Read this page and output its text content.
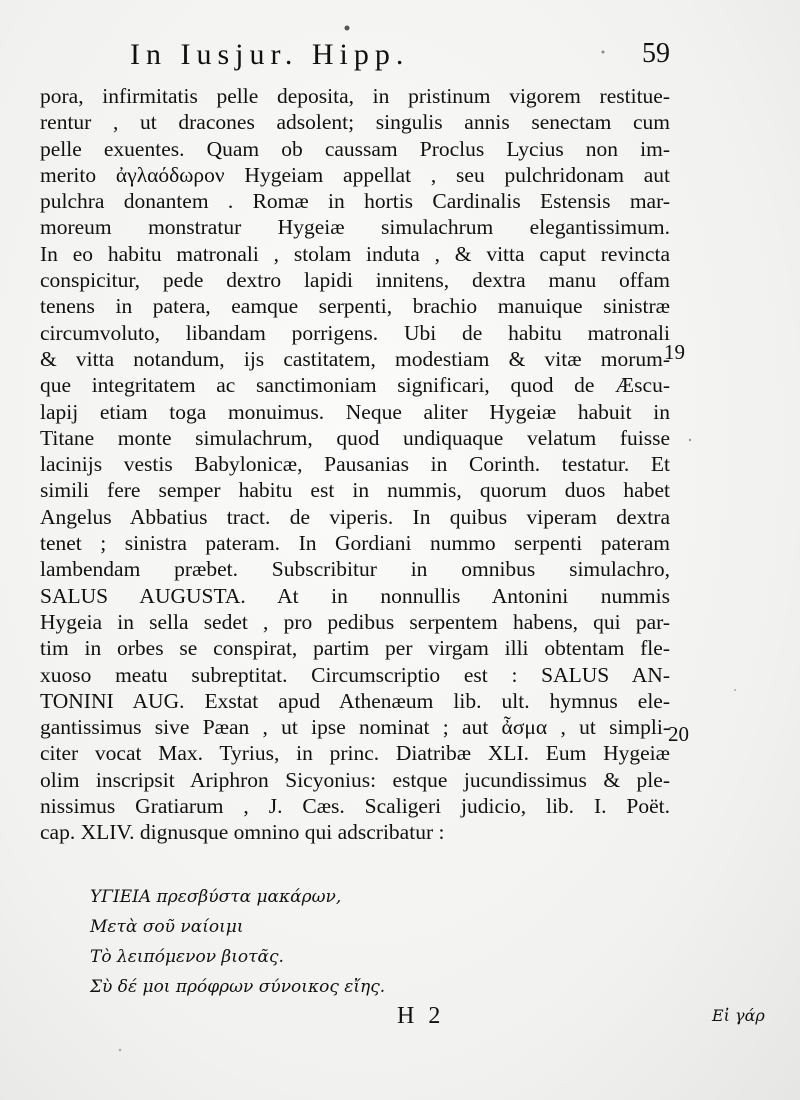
In Iusjur. Hipp.	59
pora, infirmitatis pelle deposita, in pristinum vigorem restitue-
rentur , ut dracones adsolent; singulis annis senectam cum
pelle exuentes. Quam ob caussam Proclus Lycius non im-
merito ἀγλαόδωρον Hygeiam appellat , seu pulchridonam aut
pulchra donantem . Romæ in hortis Cardinalis Estensis mar-
moreum monstratur Hygeiæ simulachrum elegantissimum.
In eo habitu matronali , stolam induta , & vitta caput revincta
conspicitur, pede dextro lapidi innitens, dextra manu offam
tenens in patera, eamque serpenti, brachio manuique sinistræ
circumvoluto, libandam porrigens. Ubi de habitu matronali
& vitta notandum, ijs castitatem, modestiam & vitæ morum-
que integritatem ac sanctimoniam significari, quod de Æscu-
lapij etiam toga monuimus. Neque aliter Hygeiæ habuit in
Titane monte simulachrum, quod undiquaque velatum fuisse
lacinijs vestis Babylonicæ, Pausanias in Corinth. testatur. Et
simili fere semper habitu est in nummis, quorum duos habet
Angelus Abbatius tract. de viperis. In quibus viperam dextra
tenet ; sinistra pateram. In Gordiani nummo serpenti pateram
lambendam præbet. Subscribitur in omnibus simulachro,
SALUS AUGUSTA. At in nonnullis Antonini nummis
Hygeia in sella sedet , pro pedibus serpentem habens, qui par-
tim in orbes se conspirat, partim per virgam illi obtentam fle-
xuoso meatu subreptitat. Circumscriptio est : SALUS AN-
TONINI AUG. Exstat apud Athenæum lib. ult. hymnus ele-
gantissimus sive Pæan , ut ipse nominat ; aut ἆσμα , ut simpli-
citer vocat Max. Tyrius, in princ. Diatribæ XLI. Eum Hygeiæ
olim inscripsit Ariphron Sicyonius: estque jucundissimus & ple-
nissimus Gratiarum , J. Cæs. Scaligeri judicio, lib. I. Poët.
cap. XLIV. dignusque omnino qui adscribatur :
19
20
ΥΓΙΕΙΑ πρεσβύστα μακάρων,
Μετὰ σοῦ ναίοιμι
Τὸ λειπόμενον βιοτᾶς.
Σὺ δέ μοι πρόφρων σύνοικος εἴης.
H 2	Εἰ γάρ
